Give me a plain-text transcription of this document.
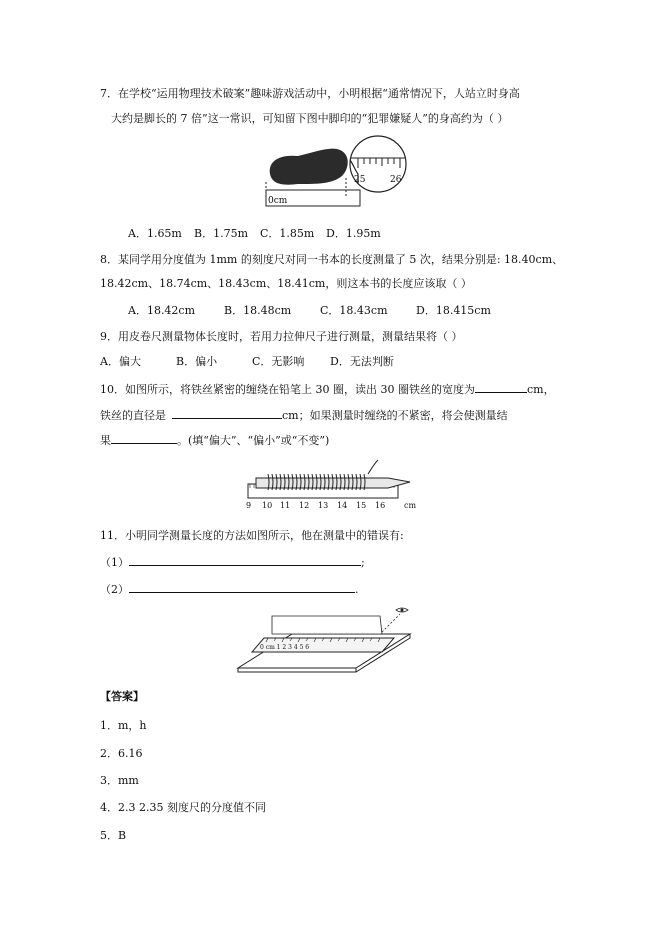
7．在学校“运用物理技术破案”趣味游戏活动中，小明根据“通常情况下，人站立时身高
大约是脚长的 7 倍”这一常识，可知留下图中脚印的“犯罪嫌疑人”的身高约为（ ）
0cm
25	26
A．1.65m B．1.75m C．1.85m D．1.95m
8．某同学用分度值为 1mm 的刻度尺对同一书本的长度测量了 5 次，结果分别是: 18.40cm、
18.42cm、18.74cm、18.43cm、18.41cm，则这本书的长度应该取（ ）
A．18.42cm	B．18.48cm	C．18.43cm	D．18.415cm
9．用皮卷尺测量物体长度时，若用力拉伸尺子进行测量，测量结果将（ ）
A．偏大	B．偏小	C．无影响 D．无法判断
10．如图所示，将铁丝紧密的缠绕在铅笔上 30 圈，读出 30 圈铁丝的宽度为	cm，
铁丝的直径是	cm；如果测量时缠绕的不紧密，将会使测量结
果	。(填“偏大”、“偏小”或“不变”)
9 10 11 12 13 14 15 16 cm
11．小明同学测量长度的方法如图所示，他在测量中的错误有:
（1）	;
（2）	.
0 cm 1 2 3 4 5 6
【答案】
1．m，h
2．6.16
3．mm
4．2.3 2.35 刻度尺的分度值不同
5．B
